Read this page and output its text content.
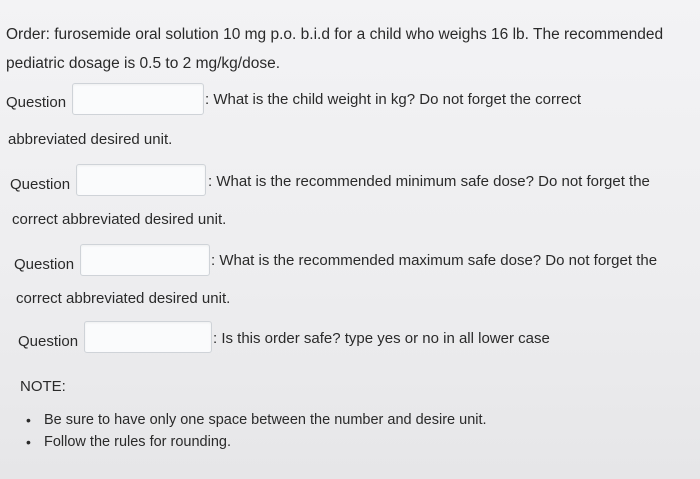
Order: furosemide oral solution 10 mg p.o. b.i.d for a child who weighs 16 lb. The recommended
pediatric dosage is 0.5 to 2 mg/kg/dose.
Question	: What is the child weight in kg? Do not forget the correct
abbreviated desired unit.
Question	: What is the recommended minimum safe dose? Do not forget the
correct abbreviated desired unit.
Question	: What is the recommended maximum safe dose? Do not forget the
correct abbreviated desired unit.
Question	: Is this order safe? type yes or no in all lower case
NOTE:
• Be sure to have only one space between the number and desire unit.
• Follow the rules for rounding.
